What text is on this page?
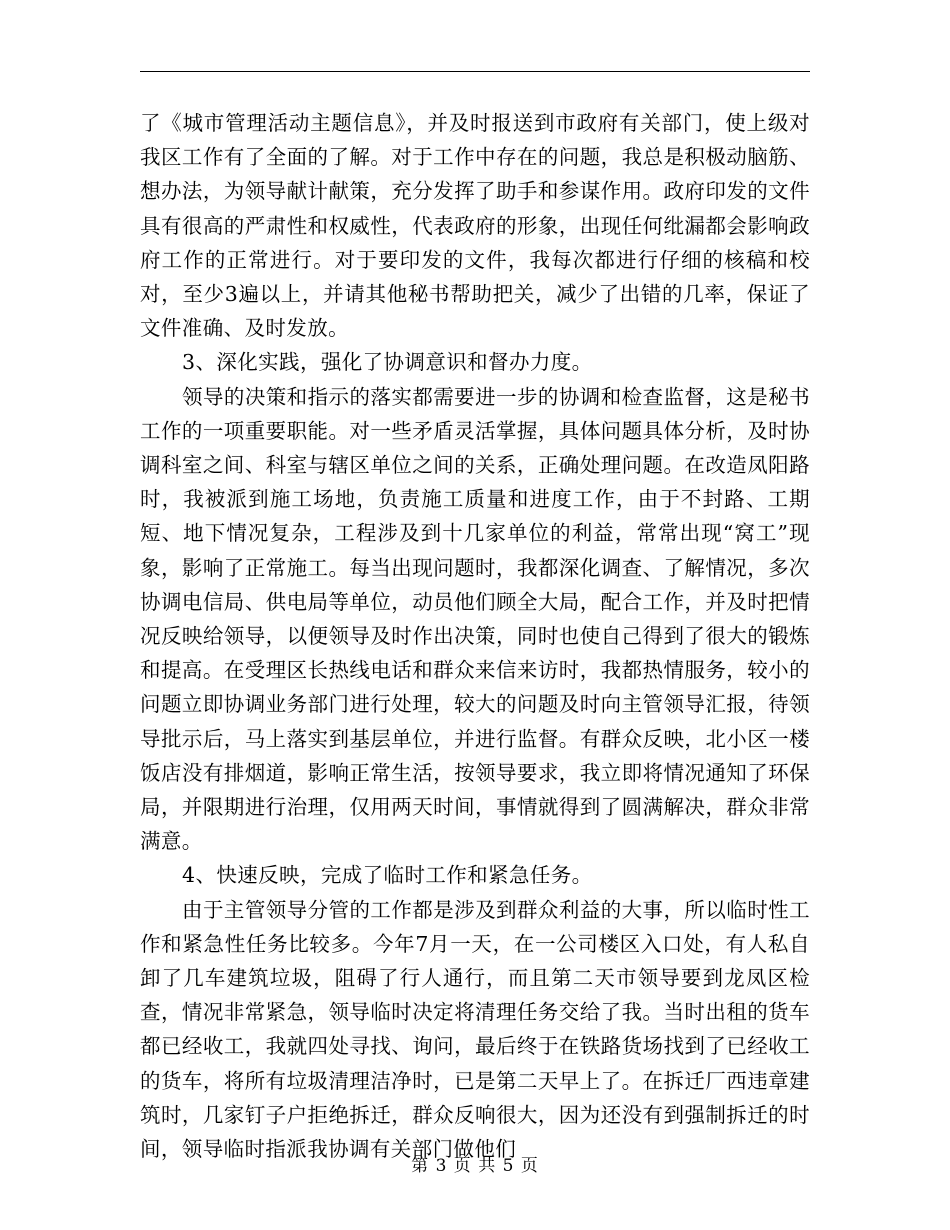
了《城市管理活动主题信息》，并及时报送到市政府有关部门，使上级对我区工作有了全面的了解。对于工作中存在的问题，我总是积极动脑筋、想办法，为领导献计献策，充分发挥了助手和参谋作用。政府印发的文件具有很高的严肃性和权威性，代表政府的形象，出现任何纰漏都会影响政府工作的正常进行。对于要印发的文件，我每次都进行仔细的核稿和校对，至少3遍以上，并请其他秘书帮助把关，减少了出错的几率，保证了文件准确、及时发放。

3、深化实践，强化了协调意识和督办力度。

领导的决策和指示的落实都需要进一步的协调和检查监督，这是秘书工作的一项重要职能。对一些矛盾灵活掌握，具体问题具体分析，及时协调科室之间、科室与辖区单位之间的关系，正确处理问题。在改造凤阳路时，我被派到施工场地，负责施工质量和进度工作，由于不封路、工期短、地下情况复杂，工程涉及到十几家单位的利益，常常出现“窝工”现象，影响了正常施工。每当出现问题时，我都深化调查、了解情况，多次协调电信局、供电局等单位，动员他们顾全大局，配合工作，并及时把情况反映给领导，以便领导及时作出决策，同时也使自己得到了很大的锻炼和提高。在受理区长热线电话和群众来信来访时，我都热情服务，较小的问题立即协调业务部门进行处理，较大的问题及时向主管领导汇报，待领导批示后，马上落实到基层单位，并进行监督。有群众反映，北小区一楼饭店没有排烟道，影响正常生活，按领导要求，我立即将情况通知了环保局，并限期进行治理，仅用两天时间，事情就得到了圆满解决，群众非常满意。

4、快速反映，完成了临时工作和紧急任务。

由于主管领导分管的工作都是涉及到群众利益的大事，所以临时性工作和紧急性任务比较多。今年7月一天，在一公司楼区入口处，有人私自卸了几车建筑垃圾，阻碍了行人通行，而且第二天市领导要到龙凤区检查，情况非常紧急，领导临时决定将清理任务交给了我。当时出租的货车都已经收工，我就四处寻找、询问，最后终于在铁路货场找到了已经收工的货车，将所有垃圾清理洁净时，已是第二天早上了。在拆迁厂西违章建筑时，几家钉子户拒绝拆迁，群众反响很大，因为还没有到强制拆迁的时间，领导临时指派我协调有关部门做他们

第 3 页 共 5 页
